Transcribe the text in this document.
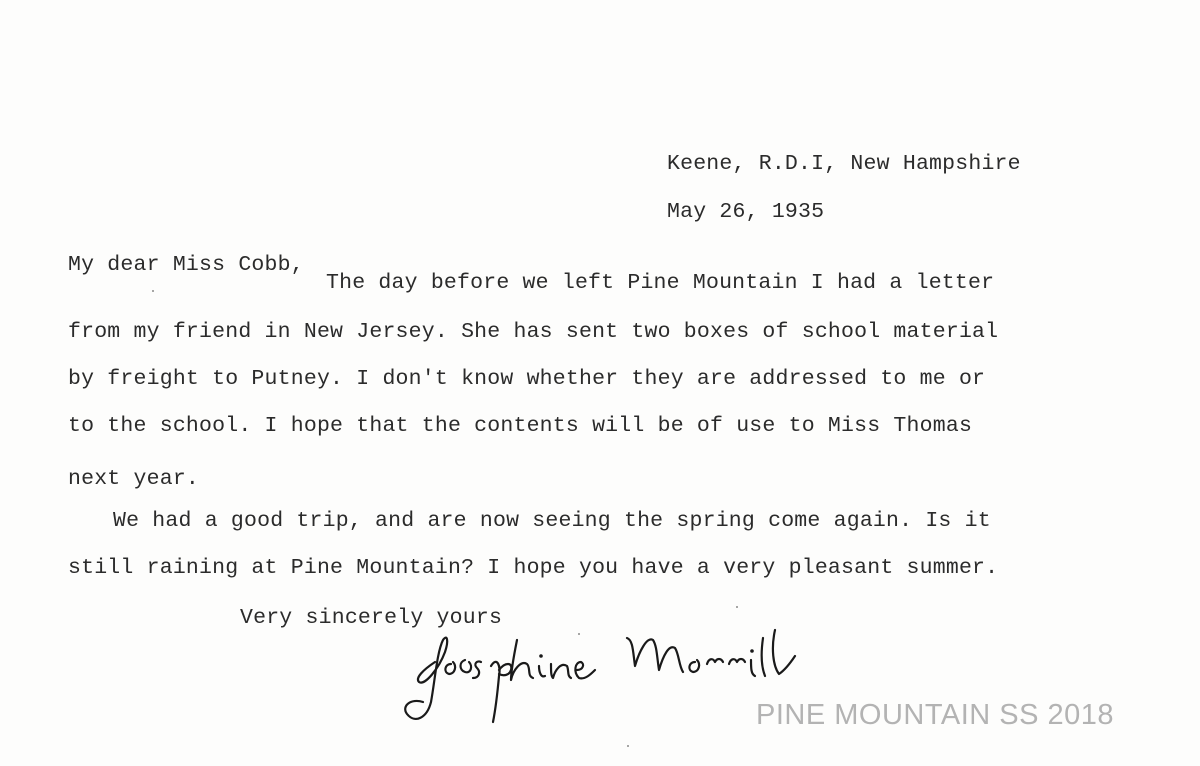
Keene, R.D.I, New Hampshire
May 26, 1935
My dear Miss Cobb,
The day before we left Pine Mountain I had a letter
from my friend in New Jersey. She has sent two boxes of school material
by freight to Putney. I don't know whether they are addressed to me or
to the school. I hope that the contents will be of use to Miss Thomas
next year.
We had a good trip, and are now seeing the spring come again. Is it
still raining at Pine Mountain? I hope you have a very pleasant summer.
Very sincerely yours
PINE MOUNTAIN SS 2018
